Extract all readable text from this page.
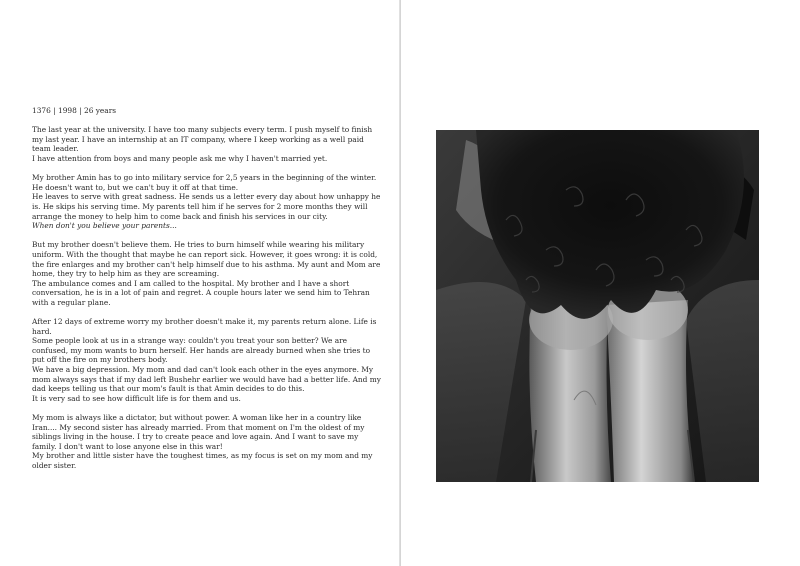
1376 | 1998 | 26 years
The last year at the university. I have too many subjects every term. I push myself to finish my last year. I have an internship at an IT company, where I keep working as a well paid team leader.
I have attention from boys and many people ask me why I haven't married yet.
My brother Amin has to go into military service for 2,5 years in the beginning of the winter. He doesn't want to, but we can't buy it off at that time.
He leaves to serve with great sadness. He sends us a letter every day about how unhappy he is. He skips his serving time. My parents tell him if he serves for 2 more months they will arrange the money to help him to come back and finish his services in our city.
When don't you believe your parents...
But my brother doesn't believe them. He tries to burn himself while wearing his military uniform. With the thought that maybe he can report sick. However, it goes wrong: it is cold, the fire enlarges and my brother can't help himself due to his asthma. My aunt and Mom are home, they try to help him as they are screaming.
The ambulance comes and I am called to the hospital. My brother and I have a short conversation, he is in a lot of pain and regret. A couple hours later we send him to Tehran with a regular plane.
After 12 days of extreme worry my brother doesn't make it, my parents return alone. Life is hard.
Some people look at us in a strange way: couldn't you treat your son better? We are confused, my mom wants to burn herself. Her hands are already burned when she tries to put off the fire on my brothers body.
We have a big depression. My mom and dad can't look each other in the eyes anymore. My mom always says that if my dad left Bushehr earlier we would have had a better life. And my dad keeps telling us that our mom's fault is that Amin decides to do this.
It is very sad to see how difficult life is for them and us.
My mom is always like a dictator, but without power. A woman like her in a country like Iran.... My second sister has already married. From that moment on I'm the oldest of my siblings living in the house. I try to create peace and love again. And I want to save my family. I don't want to lose anyone else in this war!
My brother and little sister have the toughest times, as my focus is set on my mom and my older sister.
